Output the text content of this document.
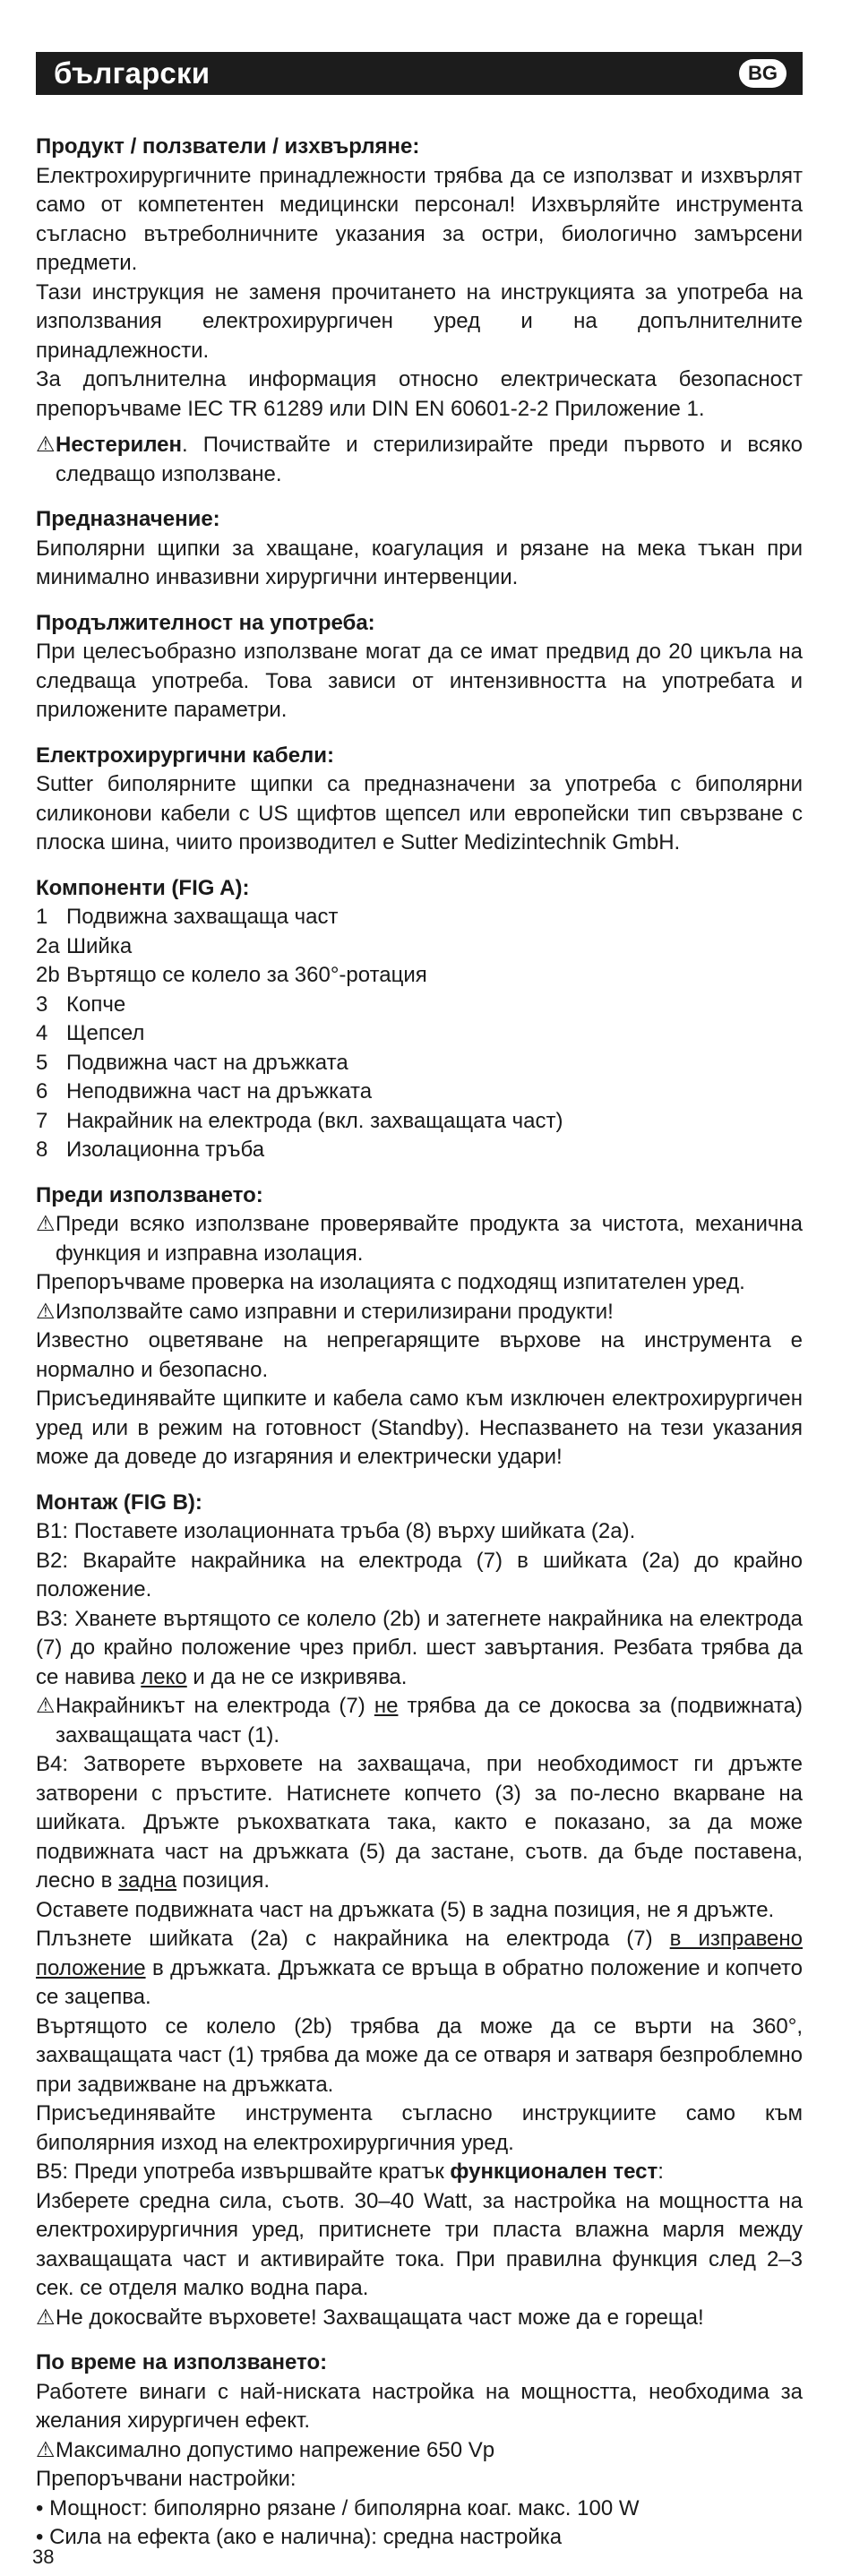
български	BG
Продукт / ползватели / изхвърляне:

Електрохирургичните принадлежности трябва да се използват и изхвърлят само от компетентен медицински персонал! Изхвърляйте инструмента съгласно вътреболничните указания за остри, биологично замърсени предмети.

Тази инструкция не заменя прочитането на инструкцията за употреба на използвания електрохирургичен уред и на допълнителните принадлежности.

За допълнителна информация относно електрическата безопасност препоръчваме IEC TR 61289 или DIN EN 60601-2-2 Приложение 1.

⚠ Нестерилен. Почиствайте и стерилизирайте преди първото и всяко следващо използване.
Предназначение:

Биполярни щипки за хващане, коагулация и рязане на мека тъкан при минимално инвазивни хирургични интервенции.

Продължителност на употреба:

При целесъобразно използване могат да се имат предвид до 20 цикъла на следваща употреба. Това зависи от интензивността на употребата и приложените параметри.

Електрохирургични кабели:

Sutter биполярните щипки са предназначени за употреба с биполярни силиконови кабели с US щифтов щепсел или европейски тип свързване с плоска шина, чиито производител е Sutter Medizintechnik GmbH.

Компоненти (FIG A):
1 Подвижна захващаща част
2a Шийка
2b Въртящо се колело за 360°-ротация
3 Копче
4 Щепсел
5 Подвижна част на дръжката
6 Неподвижна част на дръжката
7 Накрайник на електрода (вкл. захващащата част)
8 Изолационна тръба
Преди използването:
⚠ Преди всяко използване проверявайте продукта за чистота, механична функция и изправна изолация.

Препоръчваме проверка на изолацията с подходящ изпитателен уред.

⚠ Използвайте само изправни и стерилизирани продукти!

Известно оцветяване на непрегарящите върхове на инструмента е нормално и безопасно.

Присъединявайте щипките и кабела само към изключен електрохирургичен уред или в режим на готовност (Standby). Неспазването на тези указания може да доведе до изгаряния и електрически удари!

Монтаж (FIG B):

B1: Поставете изолационната тръба (8) върху шийката (2a).

B2: Вкарайте накрайника на електрода (7) в шийката (2a) до крайно положение.

B3: Хванете въртящото се колело (2b) и затегнете накрайника на електрода (7) до крайно положение чрез прибл. шест завъртания. Резбата трябва да се навива леко и да не се изкривява.

⚠ Накрайникът на електрода (7) не трябва да се докосва за (подвижната) захващащата част (1).

B4: Затворете върховете на захващача, при необходимост ги дръжте затворени с пръстите. Натиснете копчето (3) за по-лесно вкарване на шийката. Дръжте ръкохватката така, както е показано, за да може подвижната част на дръжката (5) да застане, съотв. да бъде поставена, лесно в задна позиция.

Оставете подвижната част на дръжката (5) в задна позиция, не я дръжте.

Плъзнете шийката (2a) с накрайника на електрода (7) в изправено положение в дръжката. Дръжката се връща в обратно положение и копчето се зацепва.

Въртящото се колело (2b) трябва да може да се върти на 360°, захващащата част (1) трябва да може да се отваря и затваря безпроблемно при задвижване на дръжката.

Присъединявайте инструмента съгласно инструкциите само към биполярния изход на електрохирургичния уред.

B5: Преди употреба извършвайте кратък функционален тест:

Изберете средна сила, съотв. 30–40 Watt, за настройка на мощността на електрохирургичния уред, притиснете три пласта влажна марля между захващащата част и активирайте тока. При правилна функция след 2–3 сек. се отделя малко водна пара.

⚠ Не докосвайте върховете! Захващащата част може да е гореща!
По време на използването:

Работете винаги с най-ниската настройка на мощността, необходима за желания хирургичен ефект.

⚠ Максимално допустимо напрежение 650 Vp

Препоръчвани настройки:

• Мощност: биполярно рязане / биполярна коаг. макс. 100 W

• Сила на ефекта (ако е налична): средна настройка

38
